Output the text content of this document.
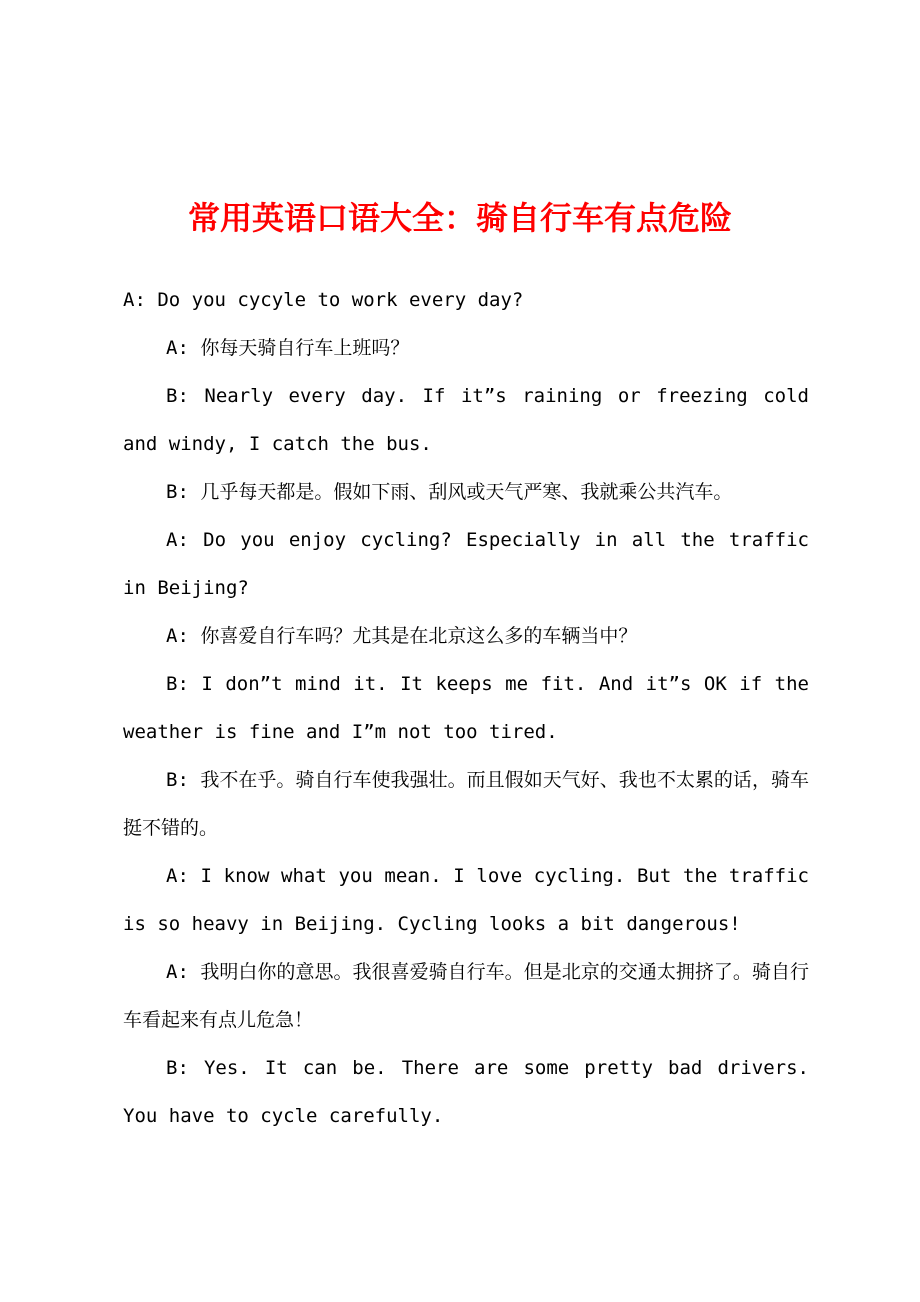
常用英语口语大全：骑自行车有点危险

A: Do you cycyle to work every day?

A: 你每天骑自行车上班吗？

B: Nearly every day. If it”s raining or freezing cold and windy, I catch the bus.

B: 几乎每天都是。假如下雨、刮风或天气严寒、我就乘公共汽车。

A: Do you enjoy cycling? Especially in all the traffic in Beijing?

A: 你喜爱自行车吗？尤其是在北京这么多的车辆当中？

B: I don”t mind it. It keeps me fit. And it”s OK if the weather is fine and I”m not too tired.

B: 我不在乎。骑自行车使我强壮。而且假如天气好、我也不太累的话，骑车挺不错的。

A: I know what you mean. I love cycling. But the traffic is so heavy in Beijing. Cycling looks a bit dangerous!

A: 我明白你的意思。我很喜爱骑自行车。但是北京的交通太拥挤了。骑自行车看起来有点儿危急！

B: Yes. It can be. There are some pretty bad drivers. You have to cycle carefully.
